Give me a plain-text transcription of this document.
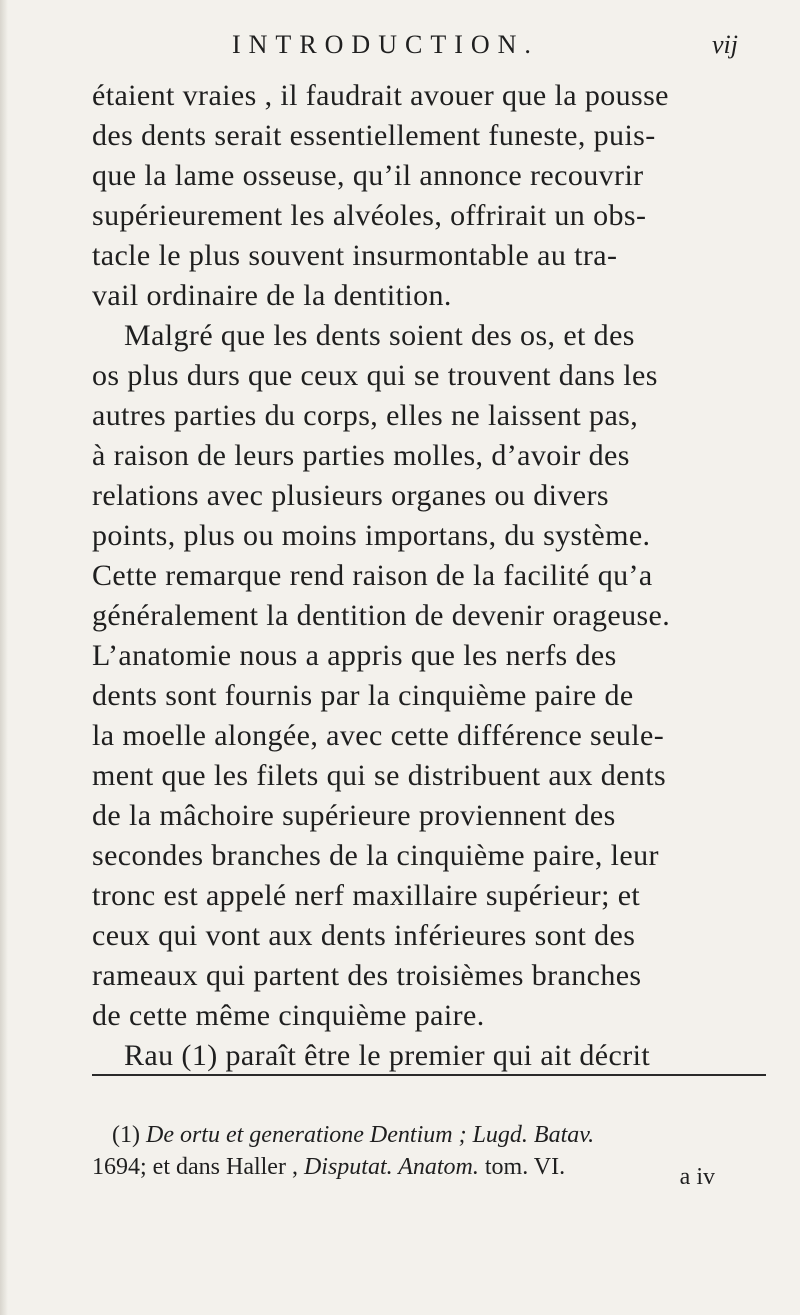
INTRODUCTION.	vij
étaient vraies , il faudrait avouer que la pousse
des dents serait essentiellement funeste, puis-
que la lame osseuse, qu’il annonce recouvrir
supérieurement les alvéoles, offrirait un obs-
tacle le plus souvent insurmontable au tra-
vail ordinaire de la dentition.
Malgré que les dents soient des os, et des
os plus durs que ceux qui se trouvent dans les
autres parties du corps, elles ne laissent pas,
à raison de leurs parties molles, d’avoir des
relations avec plusieurs organes ou divers
points, plus ou moins importans, du système.
Cette remarque rend raison de la facilité qu’a
généralement la dentition de devenir orageuse.
L’anatomie nous a appris que les nerfs des
dents sont fournis par la cinquième paire de
la moelle alongée, avec cette différence seule-
ment que les filets qui se distribuent aux dents
de la mâchoire supérieure proviennent des
secondes branches de la cinquième paire, leur
tronc est appelé nerf maxillaire supérieur; et
ceux qui vont aux dents inférieures sont des
rameaux qui partent des troisièmes branches
de cette même cinquième paire.
Rau (1) paraît être le premier qui ait décrit
(1) De ortu et generatione Dentium ; Lugd. Batav.
1694; et dans Haller , Disputat. Anatom. tom. VI.	a iv
